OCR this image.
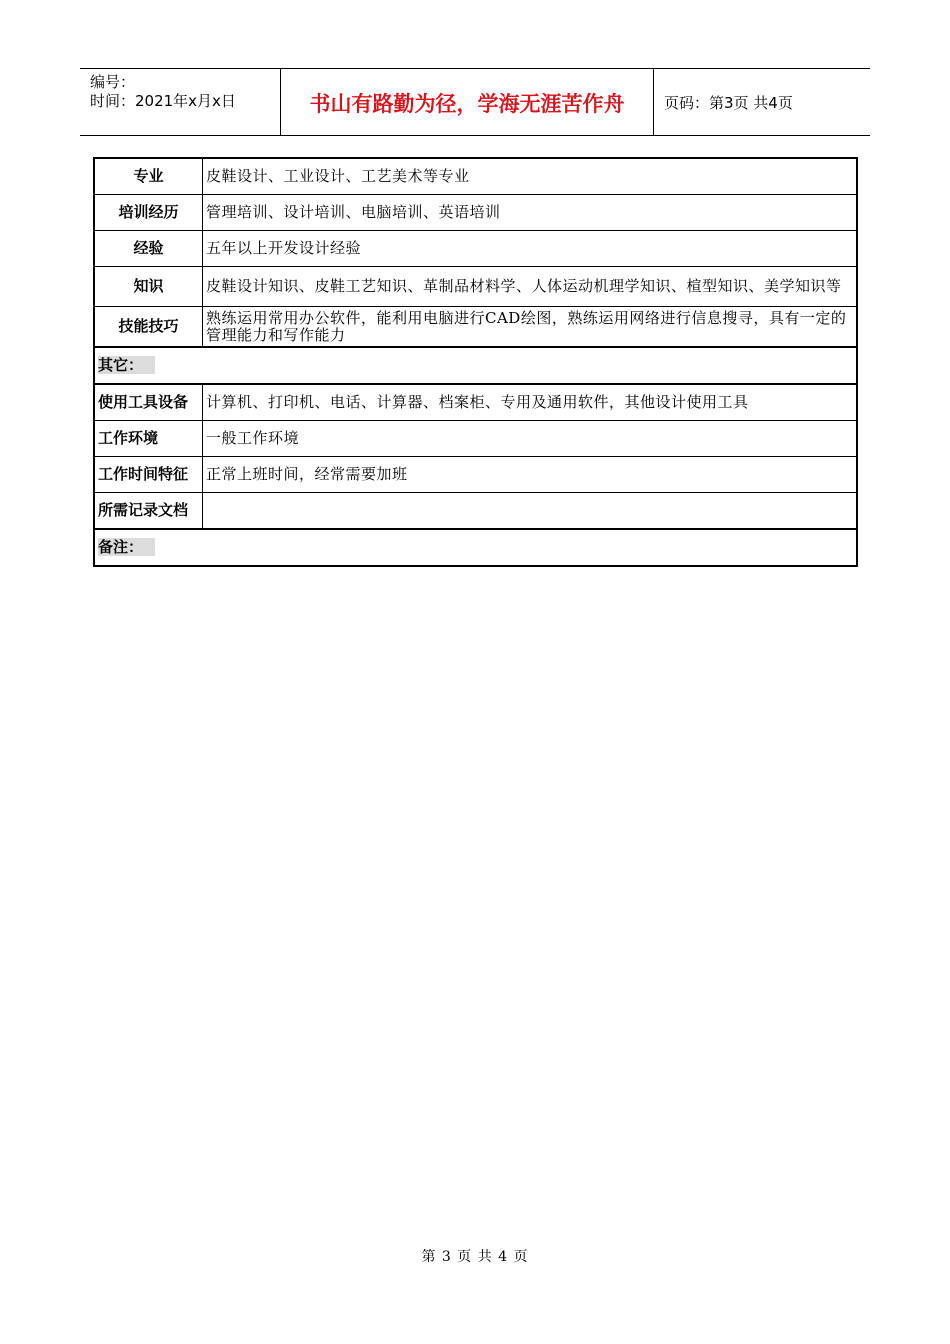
编号：
时间：2021年x月x日	书山有路勤为径，学海无涯苦作舟	页码：第3页 共4页
专业	皮鞋设计、工业设计、工艺美术等专业
培训经历	管理培训、设计培训、电脑培训、英语培训
经验	五年以上开发设计经验
知识	皮鞋设计知识、皮鞋工艺知识、革制品材料学、人体运动机理学知识、楦型知识、美学知识等
技能技巧	熟练运用常用办公软件，能利用电脑进行CAD绘图，熟练运用网络进行信息搜寻，具有一定的管理能力和写作能力
其它：	
使用工具设备	计算机、打印机、电话、计算器、档案柜、专用及通用软件，其他设计使用工具
工作环境	一般工作环境
工作时间特征	正常上班时间，经常需要加班
所需记录文档	
备注：	
第 3 页 共 4 页
